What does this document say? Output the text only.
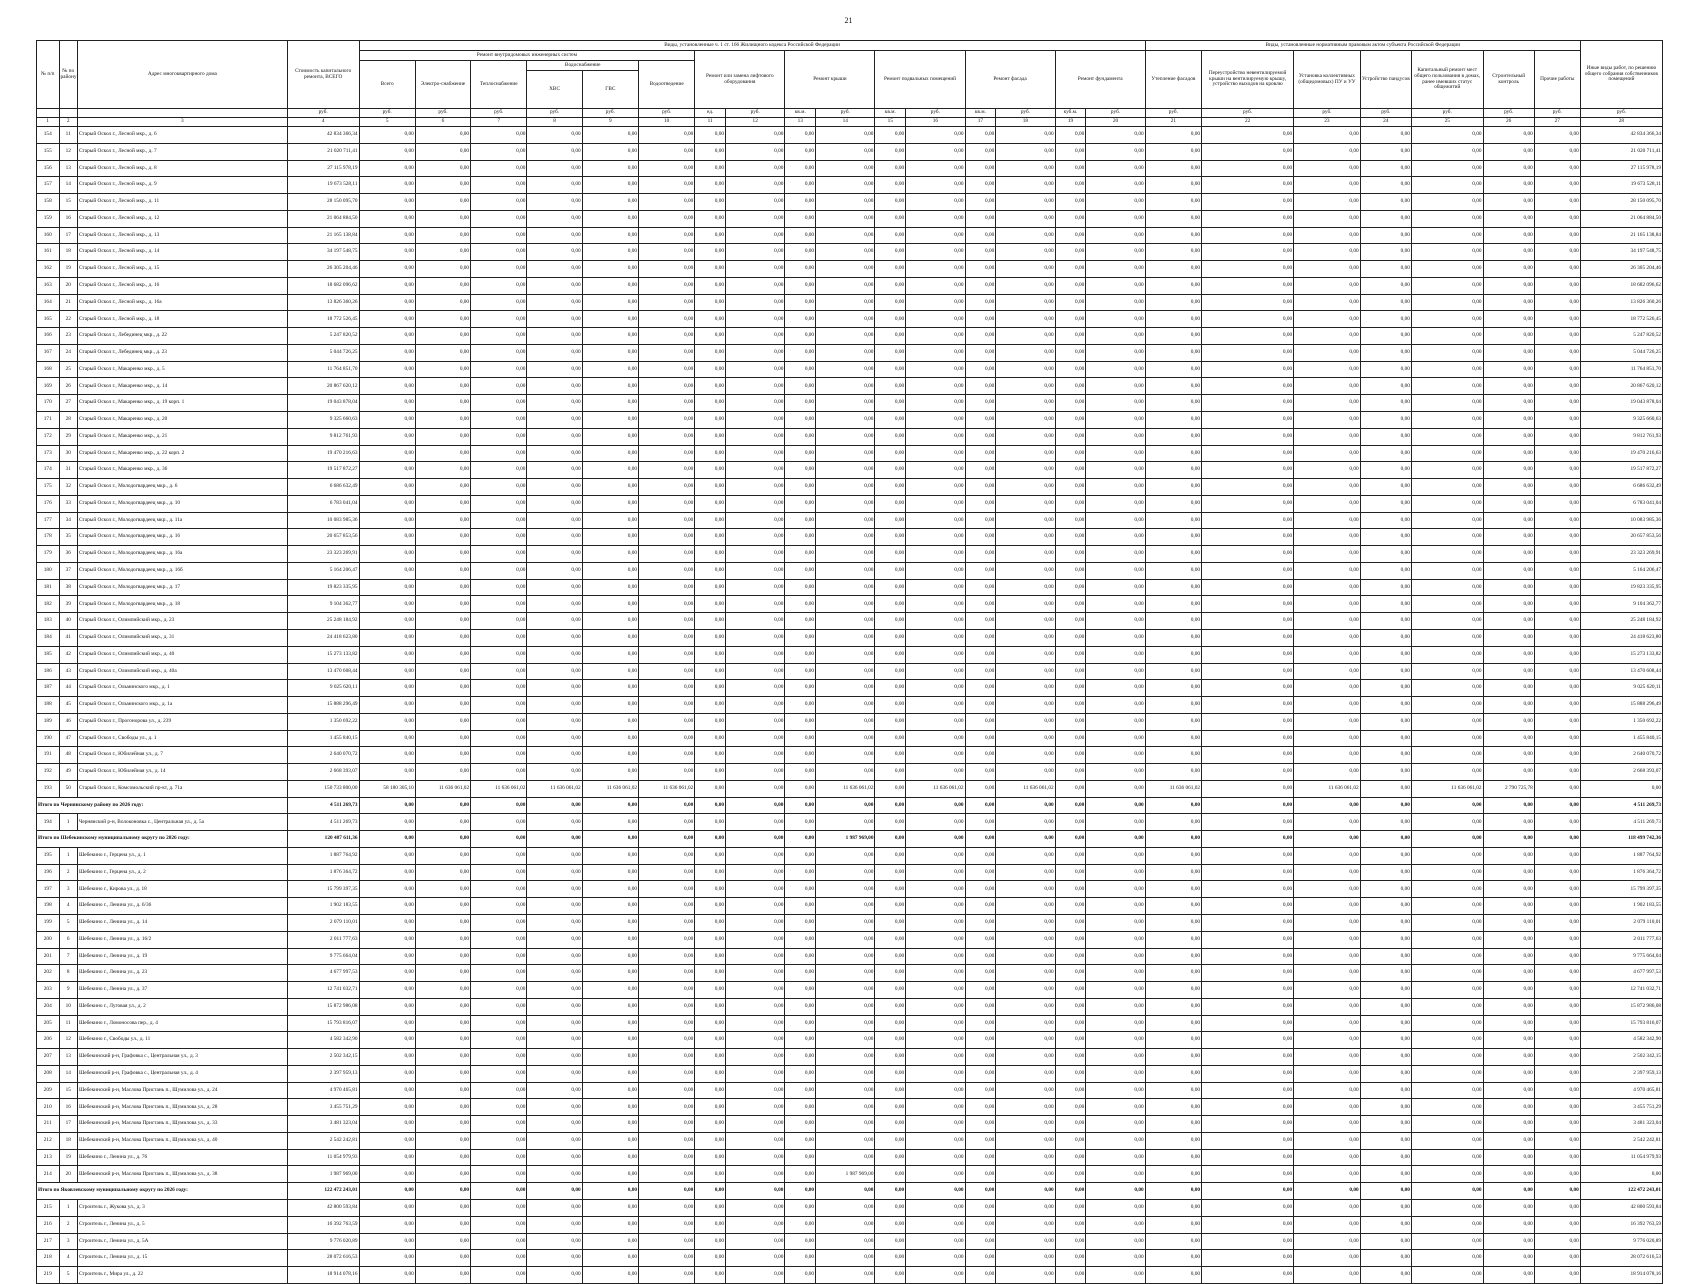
21
№ п/п	№ по району	Адрес многоквартирного дома	Стоимость капитального ремонта, ВСЕГО	Виды, установленные ч. 1 ст. 166 Жилищного кодекса Российской Федерации																Виды, установленные нормативным правовым актом субъекта Российской Федерации							Иные виды работ, по решению общего собрания собственников помещений
				Ремонт внутридомовых инженерных систем						Ремонт или замена лифтового оборудования		Ремонт крыши		Ремонт подвальных помещений		Ремонт фасада		Ремонт фундамента		Утепление фасадов	Переустройство невентилируемой крыши на вентилируемую крышу, устройство выходов на кровлю	Установка коллективных (общедомовых) ПУ и УУ	Устройство пандусов	Капитальный ремонт мест общего пользования в домах, ранее имевших статус общежитий	Строительный контроль	Прочие работы	
				Всего	Электро-снабжение	Теплоснабжение	Водоснабжение		Водоотведение																		
							ХВС	ГВС																			
			руб.	руб.	руб.	руб.	руб.	руб.	руб.	ед.	руб.	кв.м.	руб.	кв.м.	руб.	кв.м.	руб.	куб.м.	руб.	руб.	руб.	руб.	руб.	руб.	руб.	руб.	руб.
1	2	3	4	5	6	7	8	9	10	11	12	13	14	15	16	17	18	19	20	21	22	23	24	25	26	27	28
154	11	Старый Оскол г., Лесной мкр., д. 6	42 834 366,34	0,00	0,00	0,00	0,00	0,00	0,00	0,00	0,00	0,00	0,00	0,00	0,00	0,00	0,00	0,00	0,00	0,00	0,00	0,00	0,00	0,00	0,00	0,00	42 834 366,34
155	12	Старый Оскол г., Лесной мкр., д. 7	21 020 711,41	0,00	0,00	0,00	0,00	0,00	0,00	0,00	0,00	0,00	0,00	0,00	0,00	0,00	0,00	0,00	0,00	0,00	0,00	0,00	0,00	0,00	0,00	0,00	21 020 711,41
156	13	Старый Оскол г., Лесной мкр., д. 8	27 115 978,19	0,00	0,00	0,00	0,00	0,00	0,00	0,00	0,00	0,00	0,00	0,00	0,00	0,00	0,00	0,00	0,00	0,00	0,00	0,00	0,00	0,00	0,00	0,00	27 115 978,19
157	14	Старый Оскол г., Лесной мкр., д. 9	19 673 528,11	0,00	0,00	0,00	0,00	0,00	0,00	0,00	0,00	0,00	0,00	0,00	0,00	0,00	0,00	0,00	0,00	0,00	0,00	0,00	0,00	0,00	0,00	0,00	19 673 528,11
158	15	Старый Оскол г., Лесной мкр., д. 11	28 150 095,70	0,00	0,00	0,00	0,00	0,00	0,00	0,00	0,00	0,00	0,00	0,00	0,00	0,00	0,00	0,00	0,00	0,00	0,00	0,00	0,00	0,00	0,00	0,00	28 150 095,70
159	16	Старый Оскол г., Лесной мкр., д. 12	21 064 884,50	0,00	0,00	0,00	0,00	0,00	0,00	0,00	0,00	0,00	0,00	0,00	0,00	0,00	0,00	0,00	0,00	0,00	0,00	0,00	0,00	0,00	0,00	0,00	21 064 884,50
160	17	Старый Оскол г., Лесной мкр., д. 13	21 165 138,84	0,00	0,00	0,00	0,00	0,00	0,00	0,00	0,00	0,00	0,00	0,00	0,00	0,00	0,00	0,00	0,00	0,00	0,00	0,00	0,00	0,00	0,00	0,00	21 165 138,84
161	18	Старый Оскол г., Лесной мкр., д. 14	34 197 548,75	0,00	0,00	0,00	0,00	0,00	0,00	0,00	0,00	0,00	0,00	0,00	0,00	0,00	0,00	0,00	0,00	0,00	0,00	0,00	0,00	0,00	0,00	0,00	34 197 548,75
162	19	Старый Оскол г., Лесной мкр., д. 15	26 305 204,46	0,00	0,00	0,00	0,00	0,00	0,00	0,00	0,00	0,00	0,00	0,00	0,00	0,00	0,00	0,00	0,00	0,00	0,00	0,00	0,00	0,00	0,00	0,00	26 305 204,46
163	20	Старый Оскол г., Лесной мкр., д. 16	18 682 096,62	0,00	0,00	0,00	0,00	0,00	0,00	0,00	0,00	0,00	0,00	0,00	0,00	0,00	0,00	0,00	0,00	0,00	0,00	0,00	0,00	0,00	0,00	0,00	18 682 096,62
164	21	Старый Оскол г., Лесной мкр., д. 16а	13 826 360,26	0,00	0,00	0,00	0,00	0,00	0,00	0,00	0,00	0,00	0,00	0,00	0,00	0,00	0,00	0,00	0,00	0,00	0,00	0,00	0,00	0,00	0,00	0,00	13 826 360,26
165	22	Старый Оскол г., Лесной мкр., д. 18	18 772 526,45	0,00	0,00	0,00	0,00	0,00	0,00	0,00	0,00	0,00	0,00	0,00	0,00	0,00	0,00	0,00	0,00	0,00	0,00	0,00	0,00	0,00	0,00	0,00	18 772 526,45
166	23	Старый Оскол г., Лебединец мкр., д. 22	5 247 820,52	0,00	0,00	0,00	0,00	0,00	0,00	0,00	0,00	0,00	0,00	0,00	0,00	0,00	0,00	0,00	0,00	0,00	0,00	0,00	0,00	0,00	0,00	0,00	5 247 820,52
167	24	Старый Оскол г., Лебединец мкр., д. 23	5 044 726,25	0,00	0,00	0,00	0,00	0,00	0,00	0,00	0,00	0,00	0,00	0,00	0,00	0,00	0,00	0,00	0,00	0,00	0,00	0,00	0,00	0,00	0,00	0,00	5 044 726,25
168	25	Старый Оскол г., Макаренко мкр., д. 5	11 764 851,70	0,00	0,00	0,00	0,00	0,00	0,00	0,00	0,00	0,00	0,00	0,00	0,00	0,00	0,00	0,00	0,00	0,00	0,00	0,00	0,00	0,00	0,00	0,00	11 764 851,70
169	26	Старый Оскол г., Макаренко мкр., д. 14	20 867 620,12	0,00	0,00	0,00	0,00	0,00	0,00	0,00	0,00	0,00	0,00	0,00	0,00	0,00	0,00	0,00	0,00	0,00	0,00	0,00	0,00	0,00	0,00	0,00	20 867 620,12
170	27	Старый Оскол г., Макаренко мкр., д. 19 корп. 1	19 043 878,04	0,00	0,00	0,00	0,00	0,00	0,00	0,00	0,00	0,00	0,00	0,00	0,00	0,00	0,00	0,00	0,00	0,00	0,00	0,00	0,00	0,00	0,00	0,00	19 043 878,04
171	28	Старый Оскол г., Макаренко мкр., д. 20	9 325 660,63	0,00	0,00	0,00	0,00	0,00	0,00	0,00	0,00	0,00	0,00	0,00	0,00	0,00	0,00	0,00	0,00	0,00	0,00	0,00	0,00	0,00	0,00	0,00	9 325 660,63
172	29	Старый Оскол г., Макаренко мкр., д. 21	9 812 761,93	0,00	0,00	0,00	0,00	0,00	0,00	0,00	0,00	0,00	0,00	0,00	0,00	0,00	0,00	0,00	0,00	0,00	0,00	0,00	0,00	0,00	0,00	0,00	9 812 761,93
173	30	Старый Оскол г., Макаренко мкр., д. 22 корп. 2	19 470 216,63	0,00	0,00	0,00	0,00	0,00	0,00	0,00	0,00	0,00	0,00	0,00	0,00	0,00	0,00	0,00	0,00	0,00	0,00	0,00	0,00	0,00	0,00	0,00	19 470 216,63
174	31	Старый Оскол г., Макаренко мкр., д. 36	19 517 872,27	0,00	0,00	0,00	0,00	0,00	0,00	0,00	0,00	0,00	0,00	0,00	0,00	0,00	0,00	0,00	0,00	0,00	0,00	0,00	0,00	0,00	0,00	0,00	19 517 872,27
175	32	Старый Оскол г., Молодогвардеец мкр., д. 6	6 686 632,49	0,00	0,00	0,00	0,00	0,00	0,00	0,00	0,00	0,00	0,00	0,00	0,00	0,00	0,00	0,00	0,00	0,00	0,00	0,00	0,00	0,00	0,00	0,00	6 686 632,49
176	33	Старый Оскол г., Молодогвардеец мкр., д. 10	6 783 041,04	0,00	0,00	0,00	0,00	0,00	0,00	0,00	0,00	0,00	0,00	0,00	0,00	0,00	0,00	0,00	0,00	0,00	0,00	0,00	0,00	0,00	0,00	0,00	6 783 041,04
177	34	Старый Оскол г., Молодогвардеец мкр., д. 11а	10 083 985,36	0,00	0,00	0,00	0,00	0,00	0,00	0,00	0,00	0,00	0,00	0,00	0,00	0,00	0,00	0,00	0,00	0,00	0,00	0,00	0,00	0,00	0,00	0,00	10 083 985,36
178	35	Старый Оскол г., Молодогвардеец мкр., д. 16	20 657 853,56	0,00	0,00	0,00	0,00	0,00	0,00	0,00	0,00	0,00	0,00	0,00	0,00	0,00	0,00	0,00	0,00	0,00	0,00	0,00	0,00	0,00	0,00	0,00	20 657 853,56
179	36	Старый Оскол г., Молодогвардеец мкр., д. 16а	23 323 269,91	0,00	0,00	0,00	0,00	0,00	0,00	0,00	0,00	0,00	0,00	0,00	0,00	0,00	0,00	0,00	0,00	0,00	0,00	0,00	0,00	0,00	0,00	0,00	23 323 269,91
180	37	Старый Оскол г., Молодогвардеец мкр., д. 16б	5 164 206,47	0,00	0,00	0,00	0,00	0,00	0,00	0,00	0,00	0,00	0,00	0,00	0,00	0,00	0,00	0,00	0,00	0,00	0,00	0,00	0,00	0,00	0,00	0,00	5 164 206,47
181	38	Старый Оскол г., Молодогвардеец мкр., д. 17	19 823 335,95	0,00	0,00	0,00	0,00	0,00	0,00	0,00	0,00	0,00	0,00	0,00	0,00	0,00	0,00	0,00	0,00	0,00	0,00	0,00	0,00	0,00	0,00	0,00	19 823 335,95
182	39	Старый Оскол г., Молодогвардеец мкр., д. 18	9 104 362,77	0,00	0,00	0,00	0,00	0,00	0,00	0,00	0,00	0,00	0,00	0,00	0,00	0,00	0,00	0,00	0,00	0,00	0,00	0,00	0,00	0,00	0,00	0,00	9 104 362,77
183	40	Старый Оскол г., Олимпийский мкр., д. 23	25 248 184,92	0,00	0,00	0,00	0,00	0,00	0,00	0,00	0,00	0,00	0,00	0,00	0,00	0,00	0,00	0,00	0,00	0,00	0,00	0,00	0,00	0,00	0,00	0,00	25 248 184,92
184	41	Старый Оскол г., Олимпийский мкр., д. 31	24 418 623,80	0,00	0,00	0,00	0,00	0,00	0,00	0,00	0,00	0,00	0,00	0,00	0,00	0,00	0,00	0,00	0,00	0,00	0,00	0,00	0,00	0,00	0,00	0,00	24 418 623,80
185	42	Старый Оскол г., Олимпийский мкр., д. 40	15 273 133,82	0,00	0,00	0,00	0,00	0,00	0,00	0,00	0,00	0,00	0,00	0,00	0,00	0,00	0,00	0,00	0,00	0,00	0,00	0,00	0,00	0,00	0,00	0,00	15 273 133,82
186	43	Старый Оскол г., Олимпийский мкр., д. 40а	13 470 608,44	0,00	0,00	0,00	0,00	0,00	0,00	0,00	0,00	0,00	0,00	0,00	0,00	0,00	0,00	0,00	0,00	0,00	0,00	0,00	0,00	0,00	0,00	0,00	13 470 608,44
187	44	Старый Оскол г., Ольминского мкр., д. 1	9 025 620,11	0,00	0,00	0,00	0,00	0,00	0,00	0,00	0,00	0,00	0,00	0,00	0,00	0,00	0,00	0,00	0,00	0,00	0,00	0,00	0,00	0,00	0,00	0,00	9 025 620,11
188	45	Старый Оскол г., Ольминского мкр., д. 1а	15 888 296,49	0,00	0,00	0,00	0,00	0,00	0,00	0,00	0,00	0,00	0,00	0,00	0,00	0,00	0,00	0,00	0,00	0,00	0,00	0,00	0,00	0,00	0,00	0,00	15 888 296,49
189	46	Старый Оскол г., Прогонорова ул., д. 239	1 350 692,22	0,00	0,00	0,00	0,00	0,00	0,00	0,00	0,00	0,00	0,00	0,00	0,00	0,00	0,00	0,00	0,00	0,00	0,00	0,00	0,00	0,00	0,00	0,00	1 350 692,22
190	47	Старый Оскол г., Свободы ул., д. 1	1 455 840,15	0,00	0,00	0,00	0,00	0,00	0,00	0,00	0,00	0,00	0,00	0,00	0,00	0,00	0,00	0,00	0,00	0,00	0,00	0,00	0,00	0,00	0,00	0,00	1 455 840,15
191	48	Старый Оскол г., Юбилейная ул., д. 7	2 640 070,72	0,00	0,00	0,00	0,00	0,00	0,00	0,00	0,00	0,00	0,00	0,00	0,00	0,00	0,00	0,00	0,00	0,00	0,00	0,00	0,00	0,00	0,00	0,00	2 640 070,72
192	49	Старый Оскол г., Юбилейная ул., д. 14	2 668 393,07	0,00	0,00	0,00	0,00	0,00	0,00	0,00	0,00	0,00	0,00	0,00	0,00	0,00	0,00	0,00	0,00	0,00	0,00	0,00	0,00	0,00	0,00	0,00	2 668 393,07
193	50	Старый Оскол г., Комсомольский пр-кт, д. 71а	150 733 800,00	58 180 305,10	11 636 061,02	11 636 061,02	11 636 061,02	11 636 061,02	11 636 061,02	0,00	0,00	0,00	11 636 061,02	0,00	11 636 061,02	0,00	11 636 061,02	0,00	0,00	11 636 061,02	0,00	11 636 061,02	0,00	11 636 061,02	2 790 725,78	0,00	0,00
Итого по Чернянскому району по 2026 году:			4 511 269,73	0,00	0,00	0,00	0,00	0,00	0,00	0,00	0,00	0,00	0,00	0,00	0,00	0,00	0,00	0,00	0,00	0,00	0,00	0,00	0,00	0,00	0,00	0,00	4 511 269,73
194	1	Чернянский р-н, Волоконовка с., Центральная ул., д. 5а	4 511 269,73	0,00	0,00	0,00	0,00	0,00	0,00	0,00	0,00	0,00	0,00	0,00	0,00	0,00	0,00	0,00	0,00	0,00	0,00	0,00	0,00	0,00	0,00	0,00	4 511 269,73
Итого по Шебекинскому муниципальному округу по 2026 году:			120 487 611,36	0,00	0,00	0,00	0,00	0,00	0,00	0,00	0,00	0,00	1 987 969,00	0,00	0,00	0,00	0,00	0,00	0,00	0,00	0,00	0,00	0,00	0,00	0,00	0,00	118 499 742,36
195	1	Шебекино г., Герцена ул., д. 1	1 887 764,92	0,00	0,00	0,00	0,00	0,00	0,00	0,00	0,00	0,00	0,00	0,00	0,00	0,00	0,00	0,00	0,00	0,00	0,00	0,00	0,00	0,00	0,00	0,00	1 887 764,92
196	2	Шебекино г., Герцена ул., д. 2	1 876 364,72	0,00	0,00	0,00	0,00	0,00	0,00	0,00	0,00	0,00	0,00	0,00	0,00	0,00	0,00	0,00	0,00	0,00	0,00	0,00	0,00	0,00	0,00	0,00	1 876 364,72
197	3	Шебекино г., Кирова ул., д. 18	15 799 397,35	0,00	0,00	0,00	0,00	0,00	0,00	0,00	0,00	0,00	0,00	0,00	0,00	0,00	0,00	0,00	0,00	0,00	0,00	0,00	0,00	0,00	0,00	0,00	15 799 397,35
198	4	Шебекино г., Ленина ул., д. 6/36	1 902 183,55	0,00	0,00	0,00	0,00	0,00	0,00	0,00	0,00	0,00	0,00	0,00	0,00	0,00	0,00	0,00	0,00	0,00	0,00	0,00	0,00	0,00	0,00	0,00	1 902 183,55
199	5	Шебекино г., Ленина ул., д. 14	2 079 110,01	0,00	0,00	0,00	0,00	0,00	0,00	0,00	0,00	0,00	0,00	0,00	0,00	0,00	0,00	0,00	0,00	0,00	0,00	0,00	0,00	0,00	0,00	0,00	2 079 110,01
200	6	Шебекино г., Ленина ул., д. 16/2	2 011 777,63	0,00	0,00	0,00	0,00	0,00	0,00	0,00	0,00	0,00	0,00	0,00	0,00	0,00	0,00	0,00	0,00	0,00	0,00	0,00	0,00	0,00	0,00	0,00	2 011 777,63
201	7	Шебекино г., Ленина ул., д. 19	9 775 664,04	0,00	0,00	0,00	0,00	0,00	0,00	0,00	0,00	0,00	0,00	0,00	0,00	0,00	0,00	0,00	0,00	0,00	0,00	0,00	0,00	0,00	0,00	0,00	9 775 664,04
202	8	Шебекино г., Ленина ул., д. 23	4 677 997,53	0,00	0,00	0,00	0,00	0,00	0,00	0,00	0,00	0,00	0,00	0,00	0,00	0,00	0,00	0,00	0,00	0,00	0,00	0,00	0,00	0,00	0,00	0,00	4 677 997,53
203	9	Шебекино г., Ленина ул., д. 37	12 741 032,71	0,00	0,00	0,00	0,00	0,00	0,00	0,00	0,00	0,00	0,00	0,00	0,00	0,00	0,00	0,00	0,00	0,00	0,00	0,00	0,00	0,00	0,00	0,00	12 741 032,71
204	10	Шебекино г., Луговая ул., д. 2	15 872 986,08	0,00	0,00	0,00	0,00	0,00	0,00	0,00	0,00	0,00	0,00	0,00	0,00	0,00	0,00	0,00	0,00	0,00	0,00	0,00	0,00	0,00	0,00	0,00	15 872 986,08
205	11	Шебекино г., Ломоносова пер., д. 4	15 793 816,07	0,00	0,00	0,00	0,00	0,00	0,00	0,00	0,00	0,00	0,00	0,00	0,00	0,00	0,00	0,00	0,00	0,00	0,00	0,00	0,00	0,00	0,00	0,00	15 793 816,07
206	12	Шебекино г., Свободы ул., д. 11	4 582 342,90	0,00	0,00	0,00	0,00	0,00	0,00	0,00	0,00	0,00	0,00	0,00	0,00	0,00	0,00	0,00	0,00	0,00	0,00	0,00	0,00	0,00	0,00	0,00	4 582 342,90
207	13	Шебекинский р-н, Графовка с., Центральная ул., д. 3	2 502 342,15	0,00	0,00	0,00	0,00	0,00	0,00	0,00	0,00	0,00	0,00	0,00	0,00	0,00	0,00	0,00	0,00	0,00	0,00	0,00	0,00	0,00	0,00	0,00	2 502 342,15
208	14	Шебекинский р-н, Графовка с., Центральная ул., д. 4	2 397 959,13	0,00	0,00	0,00	0,00	0,00	0,00	0,00	0,00	0,00	0,00	0,00	0,00	0,00	0,00	0,00	0,00	0,00	0,00	0,00	0,00	0,00	0,00	0,00	2 397 959,13
209	15	Шебекинский р-н, Маслова Пристань п., Шумилова ул., д. 24	4 970 465,81	0,00	0,00	0,00	0,00	0,00	0,00	0,00	0,00	0,00	0,00	0,00	0,00	0,00	0,00	0,00	0,00	0,00	0,00	0,00	0,00	0,00	0,00	0,00	4 970 465,81
210	16	Шебекинский р-н, Маслова Пристань п., Шумилова ул., д. 28	3 455 751,29	0,00	0,00	0,00	0,00	0,00	0,00	0,00	0,00	0,00	0,00	0,00	0,00	0,00	0,00	0,00	0,00	0,00	0,00	0,00	0,00	0,00	0,00	0,00	3 455 751,29
211	17	Шебекинский р-н, Маслова Пристань п., Шумилова ул., д. 33	3 481 323,04	0,00	0,00	0,00	0,00	0,00	0,00	0,00	0,00	0,00	0,00	0,00	0,00	0,00	0,00	0,00	0,00	0,00	0,00	0,00	0,00	0,00	0,00	0,00	3 481 323,04
212	18	Шебекинский р-н, Маслова Пристань п., Шумилова ул., д. 40	2 542 242,81	0,00	0,00	0,00	0,00	0,00	0,00	0,00	0,00	0,00	0,00	0,00	0,00	0,00	0,00	0,00	0,00	0,00	0,00	0,00	0,00	0,00	0,00	0,00	2 542 242,81
213	19	Шебекино г., Ленина ул., д. 76	11 054 979,93	0,00	0,00	0,00	0,00	0,00	0,00	0,00	0,00	0,00	0,00	0,00	0,00	0,00	0,00	0,00	0,00	0,00	0,00	0,00	0,00	0,00	0,00	0,00	11 054 979,93
214	20	Шебекинский р-н, Маслова Пристань п., Шумилова ул., д. 38	1 987 969,00	0,00	0,00	0,00	0,00	0,00	0,00	0,00	0,00	0,00	1 987 969,00	0,00	0,00	0,00	0,00	0,00	0,00	0,00	0,00	0,00	0,00	0,00	0,00	0,00	0,00
Итого по Яковлевскому муниципальному округу по 2026 году:			122 472 243,01	0,00	0,00	0,00	0,00	0,00	0,00	0,00	0,00	0,00	0,00	0,00	0,00	0,00	0,00	0,00	0,00	0,00	0,00	0,00	0,00	0,00	0,00	0,00	122 472 243,01
215	1	Строитель г., Жукова ул., д. 3	42 800 593,84	0,00	0,00	0,00	0,00	0,00	0,00	0,00	0,00	0,00	0,00	0,00	0,00	0,00	0,00	0,00	0,00	0,00	0,00	0,00	0,00	0,00	0,00	0,00	42 800 593,84
216	2	Строитель г., Ленина ул., д. 5	16 392 763,59	0,00	0,00	0,00	0,00	0,00	0,00	0,00	0,00	0,00	0,00	0,00	0,00	0,00	0,00	0,00	0,00	0,00	0,00	0,00	0,00	0,00	0,00	0,00	16 392 763,59
217	3	Строитель г., Ленина ул., д. 5А	9 776 020,89	0,00	0,00	0,00	0,00	0,00	0,00	0,00	0,00	0,00	0,00	0,00	0,00	0,00	0,00	0,00	0,00	0,00	0,00	0,00	0,00	0,00	0,00	0,00	9 776 020,89
218	4	Строитель г., Ленина ул., д. 15	28 072 616,53	0,00	0,00	0,00	0,00	0,00	0,00	0,00	0,00	0,00	0,00	0,00	0,00	0,00	0,00	0,00	0,00	0,00	0,00	0,00	0,00	0,00	0,00	0,00	28 072 616,53
219	5	Строитель г., Мира ул., д. 22	18 914 078,16	0,00	0,00	0,00	0,00	0,00	0,00	0,00	0,00	0,00	0,00	0,00	0,00	0,00	0,00	0,00	0,00	0,00	0,00	0,00	0,00	0,00	0,00	0,00	18 914 078,16
